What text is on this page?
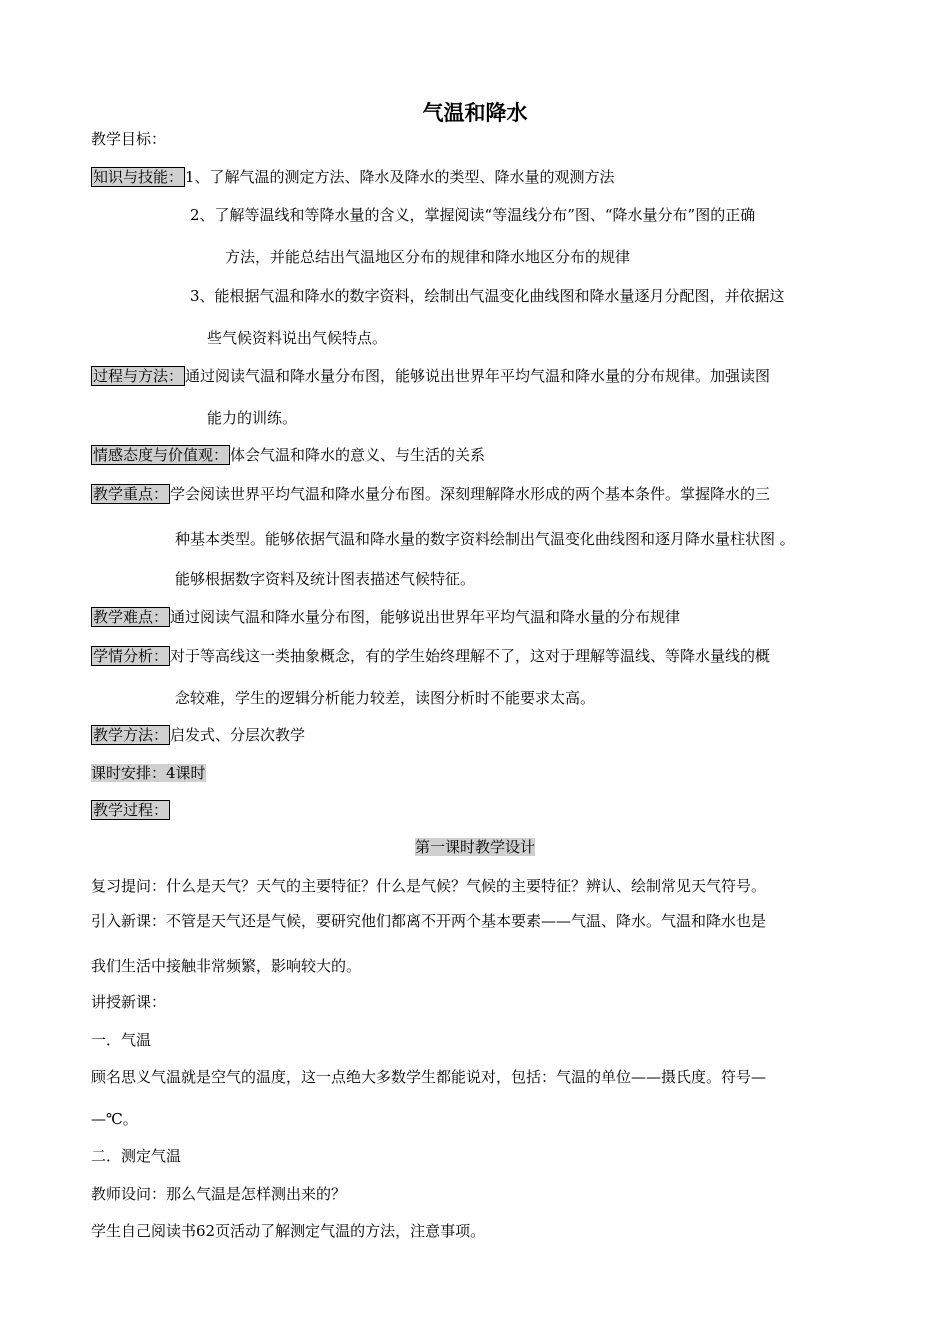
气温和降水
教学目标：
知识与技能： 1、了解气温的测定方法、降水及降水的类型、降水量的观测方法
2、了解等温线和等降水量的含义，掌握阅读“等温线分布”图、“降水量分布”图的正确
方法，并能总结出气温地区分布的规律和降水地区分布的规律
3、能根据气温和降水的数字资料，绘制出气温变化曲线图和降水量逐月分配图，并依据这
些气候资料说出气候特点。
过程与方法： 通过阅读气温和降水量分布图，能够说出世界年平均气温和降水量的分布规律。加强读图
能力的训练。
情感态度与价值观： 体会气温和降水的意义、与生活的关系
教学重点： 学会阅读世界平均气温和降水量分布图。深刻理解降水形成的两个基本条件。掌握降水的三
种基本类型。能够依据气温和降水量的数字资料绘制出气温变化曲线图和逐月降水量柱状图 。
能够根据数字资料及统计图表描述气候特征。
教学难点： 通过阅读气温和降水量分布图，能够说出世界年平均气温和降水量的分布规律
学情分析： 对于等高线这一类抽象概念，有的学生始终理解不了，这对于理解等温线、等降水量线的概
念较难，学生的逻辑分析能力较差，读图分析时不能要求太高。
教学方法： 启发式、分层次教学
课时安排：4课时
教学过程：
第一课时教学设计
复习提问：什么是天气？天气的主要特征？什么是气候？气候的主要特征？辨认、绘制常见天气符号。
引入新课：不管是天气还是气候，要研究他们都离不开两个基本要素——气温、降水。气温和降水也是
我们生活中接触非常频繁，影响较大的。
讲授新课：
一．气温
顾名思义气温就是空气的温度，这一点绝大多数学生都能说对，包括：气温的单位——摄氏度。符号—
—℃。
二．测定气温
教师设问：那么气温是怎样测出来的？
学生自己阅读书62页活动了解测定气温的方法，注意事项。
